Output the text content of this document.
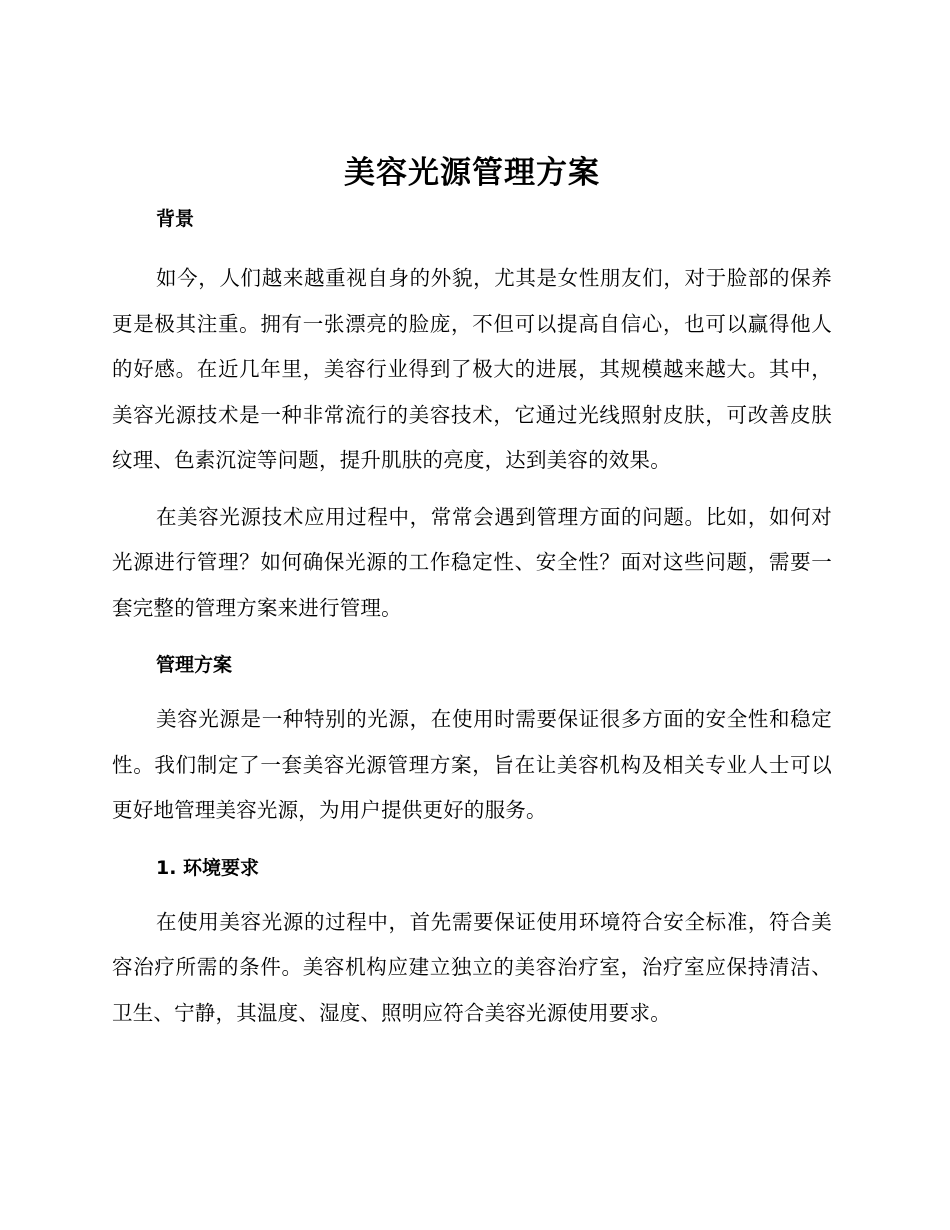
美容光源管理方案
背景

如今，人们越来越重视自身的外貌，尤其是女性朋友们，对于脸部的保养更是极其注重。拥有一张漂亮的脸庞，不但可以提高自信心，也可以赢得他人的好感。在近几年里，美容行业得到了极大的进展，其规模越来越大。其中，美容光源技术是一种非常流行的美容技术，它通过光线照射皮肤，可改善皮肤纹理、色素沉淀等问题，提升肌肤的亮度，达到美容的效果。

在美容光源技术应用过程中，常常会遇到管理方面的问题。比如，如何对光源进行管理？如何确保光源的工作稳定性、安全性？面对这些问题，需要一套完整的管理方案来进行管理。

管理方案

美容光源是一种特别的光源，在使用时需要保证很多方面的安全性和稳定性。我们制定了一套美容光源管理方案，旨在让美容机构及相关专业人士可以更好地管理美容光源，为用户提供更好的服务。

1. 环境要求

在使用美容光源的过程中，首先需要保证使用环境符合安全标准，符合美容治疗所需的条件。美容机构应建立独立的美容治疗室，治疗室应保持清洁、卫生、宁静，其温度、湿度、照明应符合美容光源使用要求。
